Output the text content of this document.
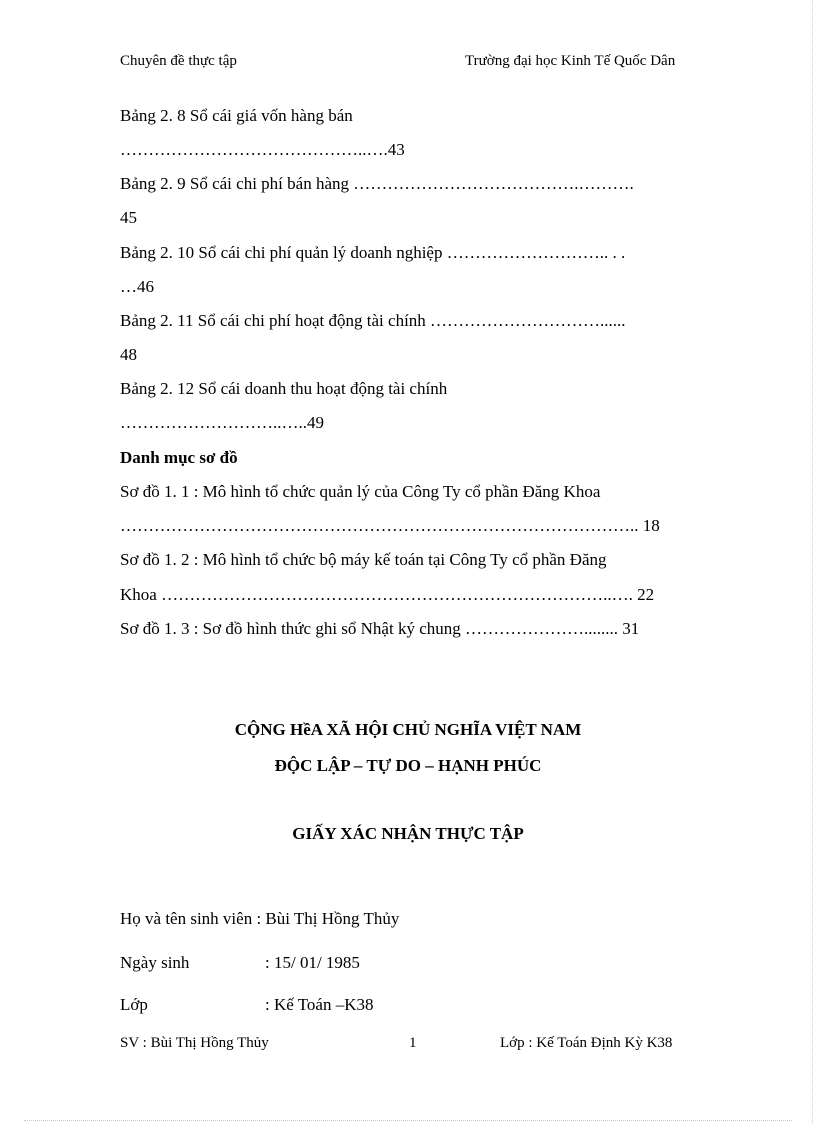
Chuyên đề thực tập	Trường đại học Kinh Tế Quốc Dân
Bảng 2. 8 Sổ cái giá vốn hàng bán
……………………………………..….43
Bảng 2. 9 Sổ cái chi phí bán hàng ………………………………….……….
45
Bảng 2. 10 Sổ cái chi phí quản lý doanh nghiệp ……………………….. . .
…46
Bảng 2. 11 Sổ cái chi phí hoạt động tài chính …………………………......
48
Bảng 2. 12 Sổ cái doanh thu hoạt động tài chính
………………………..…..49
Danh mục sơ đồ
Sơ đồ 1. 1 : Mô hình tổ chức quản lý của Công Ty cổ phần Đăng Khoa
……………………………………………………………………………….. 18
Sơ đồ 1. 2 : Mô hình tổ chức bộ máy kế toán tại Công Ty cổ phần Đăng
Khoa ……………………………………………………………………..…. 22
Sơ đồ 1. 3 : Sơ đồ hình thức ghi sổ Nhật ký chung …………………........ 31
CỘNG HềA XÃ HỘI CHỦ NGHĨA VIỆT NAM
ĐỘC LẬP – TỰ DO – HẠNH PHÚC
GIẤY XÁC NHẬN THỰC TẬP
Họ và tên sinh viên : Bùi Thị Hồng Thủy
Ngày sinh	: 15/ 01/ 1985
Lớp	: Kế Toán –K38
SV : Bùi Thị Hồng Thủy	1	Lớp : Kế Toán Định Kỳ K38
